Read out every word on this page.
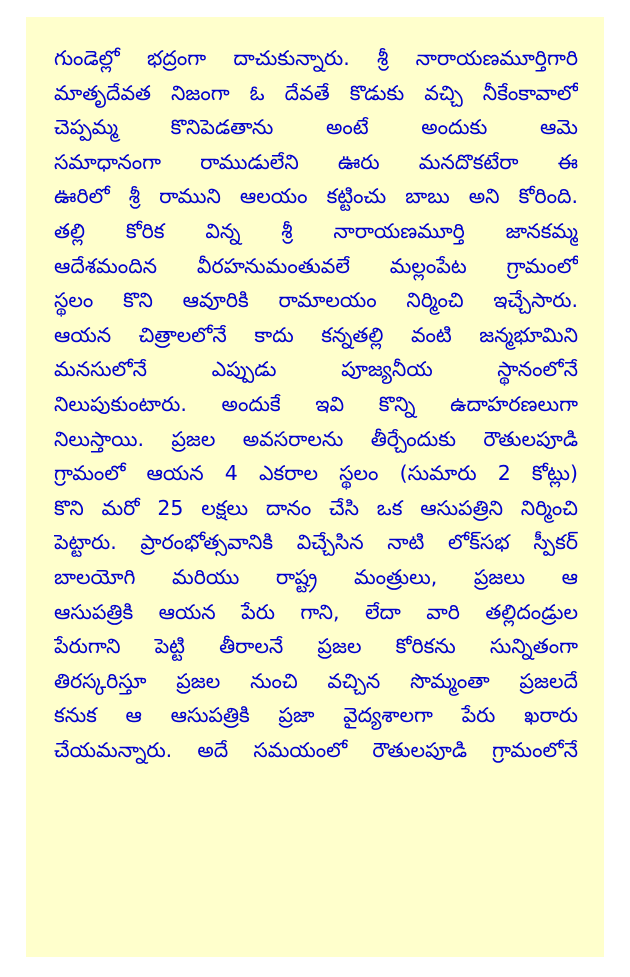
గుండెల్లో భద్రంగా దాచుకున్నారు. శ్రీ నారాయణమూర్తిగారి
మాతృదేవత నిజంగా ఓ దేవతే కొడుకు వచ్చి నీకేంకావాలో
చెప్పమ్మ కొనిపెడతాను అంటే అందుకు ఆమె
సమాధానంగా రాముడులేని ఊరు మనదొకటేరా ఈ
ఊరిలో శ్రీ రాముని ఆలయం కట్టించు బాబు అని కోరింది.
తల్లి కోరిక విన్న శ్రీ నారాయణమూర్తి జానకమ్మ
ఆదేశమందిన వీరహనుమంతువలే మల్లంపేట గ్రామంలో
స్థలం కొని ఆవూరికి రామాలయం నిర్మించి ఇచ్చేసారు.
ఆయన చిత్రాలలోనే కాదు కన్నతల్లి వంటి జన్మభూమిని
మనసులోనే ఎప్పుడు పూజ్యనీయ స్థానంలోనే
నిలుపుకుంటారు. అందుకే ఇవి కొన్ని ఉదాహరణలుగా
నిలుస్తాయి. ప్రజల అవసరాలను తీర్చేందుకు రౌతులపూడి
గ్రామంలో ఆయన 4 ఎకరాల స్థలం (సుమారు 2 కోట్లు)
కొని మరో 25 లక్షలు దానం చేసి ఒక ఆసుపత్రిని నిర్మించి
పెట్టారు. ప్రారంభోత్సవానికి విచ్చేసిన నాటి లోక్‌సభ స్పీకర్
బాలయోగి మరియు రాష్ట్ర మంత్రులు, ప్రజలు ఆ
ఆసుపత్రికి ఆయన పేరు గాని, లేదా వారి తల్లిదండ్రుల
పేరుగాని పెట్టి తీరాలనే ప్రజల కోరికను సున్నితంగా
తిరస్కరిస్తూ ప్రజల నుంచి వచ్చిన సొమ్మంతా ప్రజలదే
కనుక ఆ ఆసుపత్రికి ప్రజా వైద్యశాలగా పేరు ఖరారు
చేయమన్నారు. అదే సమయంలో రౌతులపూడి గ్రామంలోనే
